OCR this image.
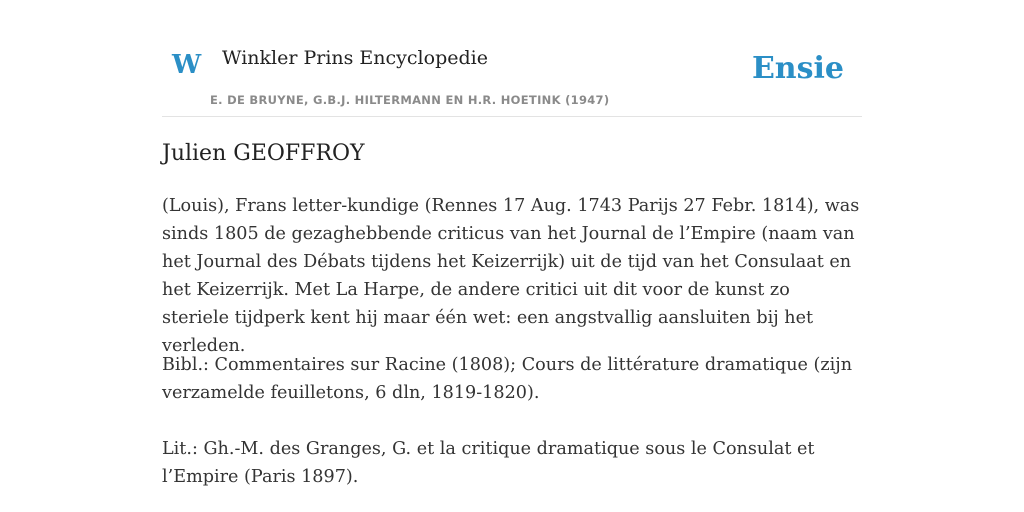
W Winkler Prins Encyclopedie
E. DE BRUYNE, G.B.J. HILTERMANN EN H.R. HOETINK (1947)
Ensie
Julien GEOFFROY

(Louis), Frans letter-kundige (Rennes 17 Aug. 1743 Parijs 27 Febr. 1814), was sinds 1805 de gezaghebbende criticus van het Journal de l’Empire (naam van het Journal des Débats tijdens het Keizerrijk) uit de tijd van het Consulaat en het Keizerrijk. Met La Harpe, de andere critici uit dit voor de kunst zo steriele tijdperk kent hij maar één wet: een angstvallig aansluiten bij het verleden.

Bibl.: Commentaires sur Racine (1808); Cours de littérature dramatique (zijn verzamelde feuilletons, 6 dln, 1819-1820).

Lit.: Gh.-M. des Granges, G. et la critique dramatique sous le Consulat et l’Empire (Paris 1897).
